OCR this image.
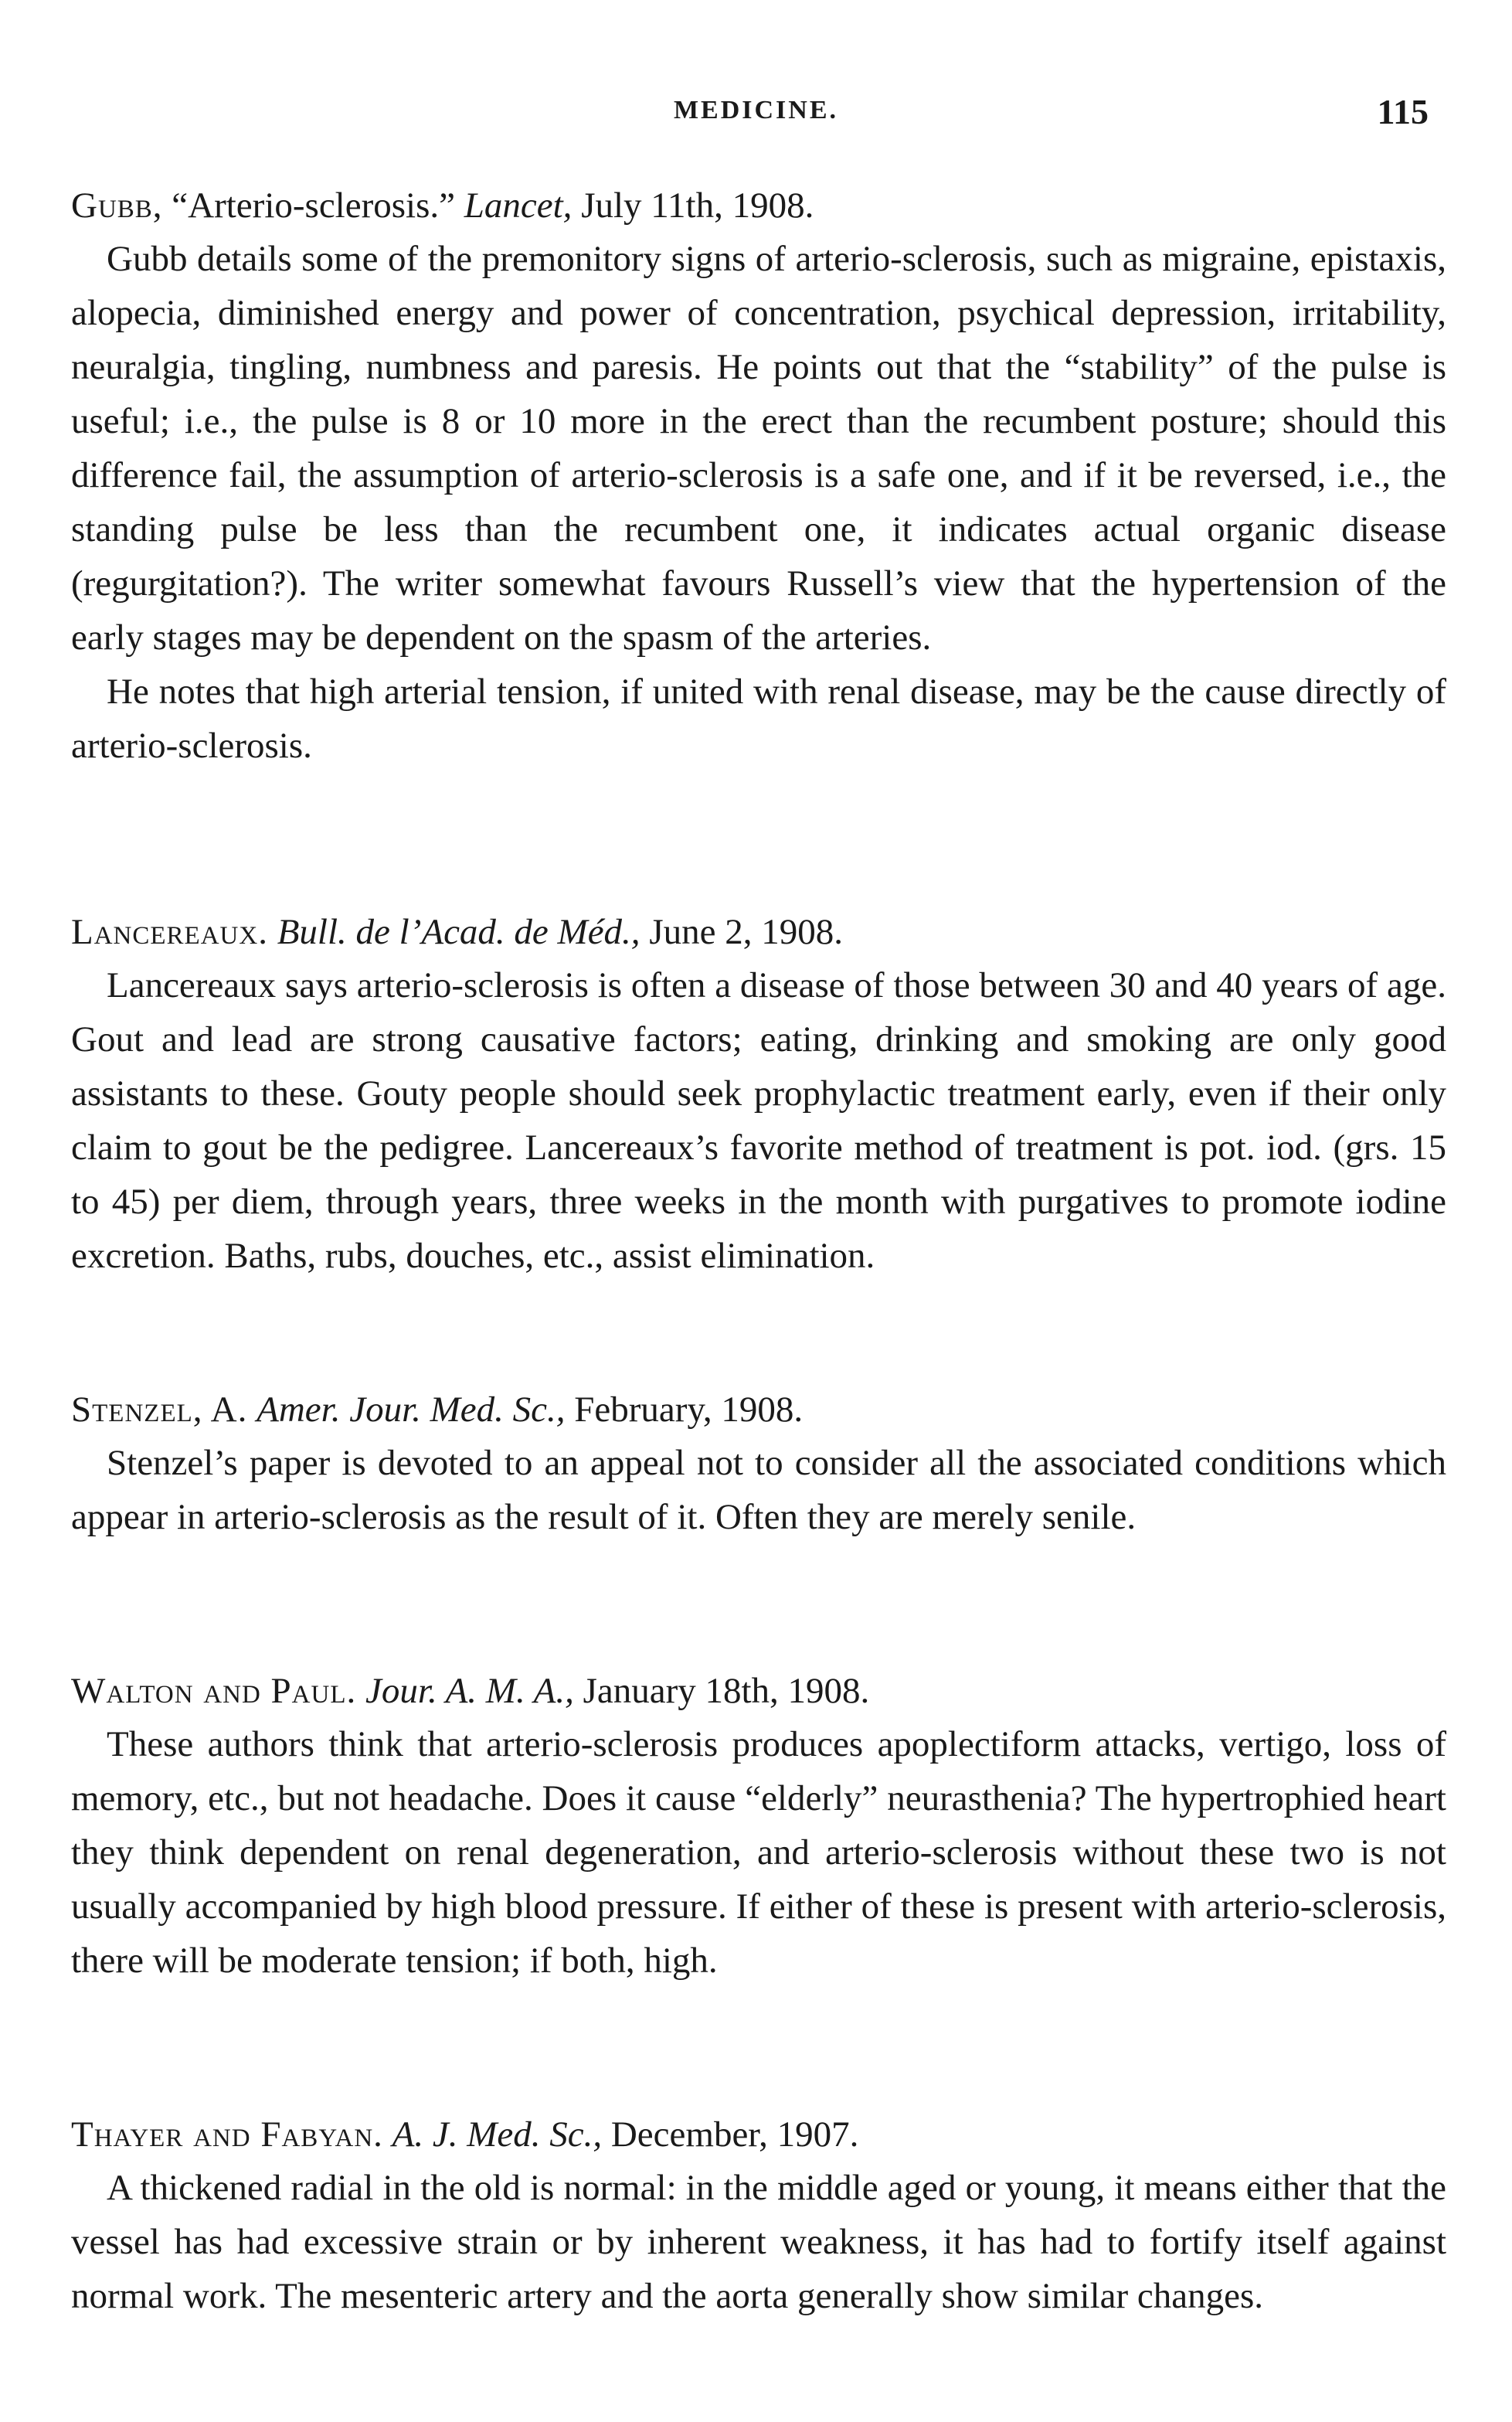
MEDICINE.	115
Gubb, “Arterio-sclerosis.” Lancet, July 11th, 1908.

Gubb details some of the premonitory signs of arterio-sclerosis, such as migraine, epistaxis, alopecia, diminished energy and power of concentration, psychical depression, irritability, neuralgia, tingling, numbness and paresis. He points out that the “stability” of the pulse is useful; i.e., the pulse is 8 or 10 more in the erect than the recumbent posture; should this difference fail, the assumption of arterio-sclerosis is a safe one, and if it be reversed, i.e., the standing pulse be less than the recumbent one, it indicates actual organic disease (regurgitation?). The writer somewhat favours Russell’s view that the hypertension of the early stages may be dependent on the spasm of the arteries.

He notes that high arterial tension, if united with renal disease, may be the cause directly of arterio-sclerosis.

Lancereaux. Bull. de l’Acad. de Méd., June 2, 1908.

Lancereaux says arterio-sclerosis is often a disease of those between 30 and 40 years of age. Gout and lead are strong causative factors; eating, drinking and smoking are only good assistants to these. Gouty people should seek prophylactic treatment early, even if their only claim to gout be the pedigree. Lancereaux’s favorite method of treatment is pot. iod. (grs. 15 to 45) per diem, through years, three weeks in the month with purgatives to promote iodine excretion. Baths, rubs, douches, etc., assist elimination.

Stenzel, A. Amer. Jour. Med. Sc., February, 1908.

Stenzel’s paper is devoted to an appeal not to consider all the associated conditions which appear in arterio-sclerosis as the result of it. Often they are merely senile.

Walton and Paul. Jour. A. M. A., January 18th, 1908.

These authors think that arterio-sclerosis produces apoplectiform attacks, vertigo, loss of memory, etc., but not headache. Does it cause “elderly” neurasthenia? The hypertrophied heart they think dependent on renal degeneration, and arterio-sclerosis without these two is not usually accompanied by high blood pressure. If either of these is present with arterio-sclerosis, there will be moderate tension; if both, high.

Thayer and Fabyan. A. J. Med. Sc., December, 1907.

A thickened radial in the old is normal: in the middle aged or young, it means either that the vessel has had excessive strain or by inherent weakness, it has had to fortify itself against normal work. The mesenteric artery and the aorta generally show similar changes.
